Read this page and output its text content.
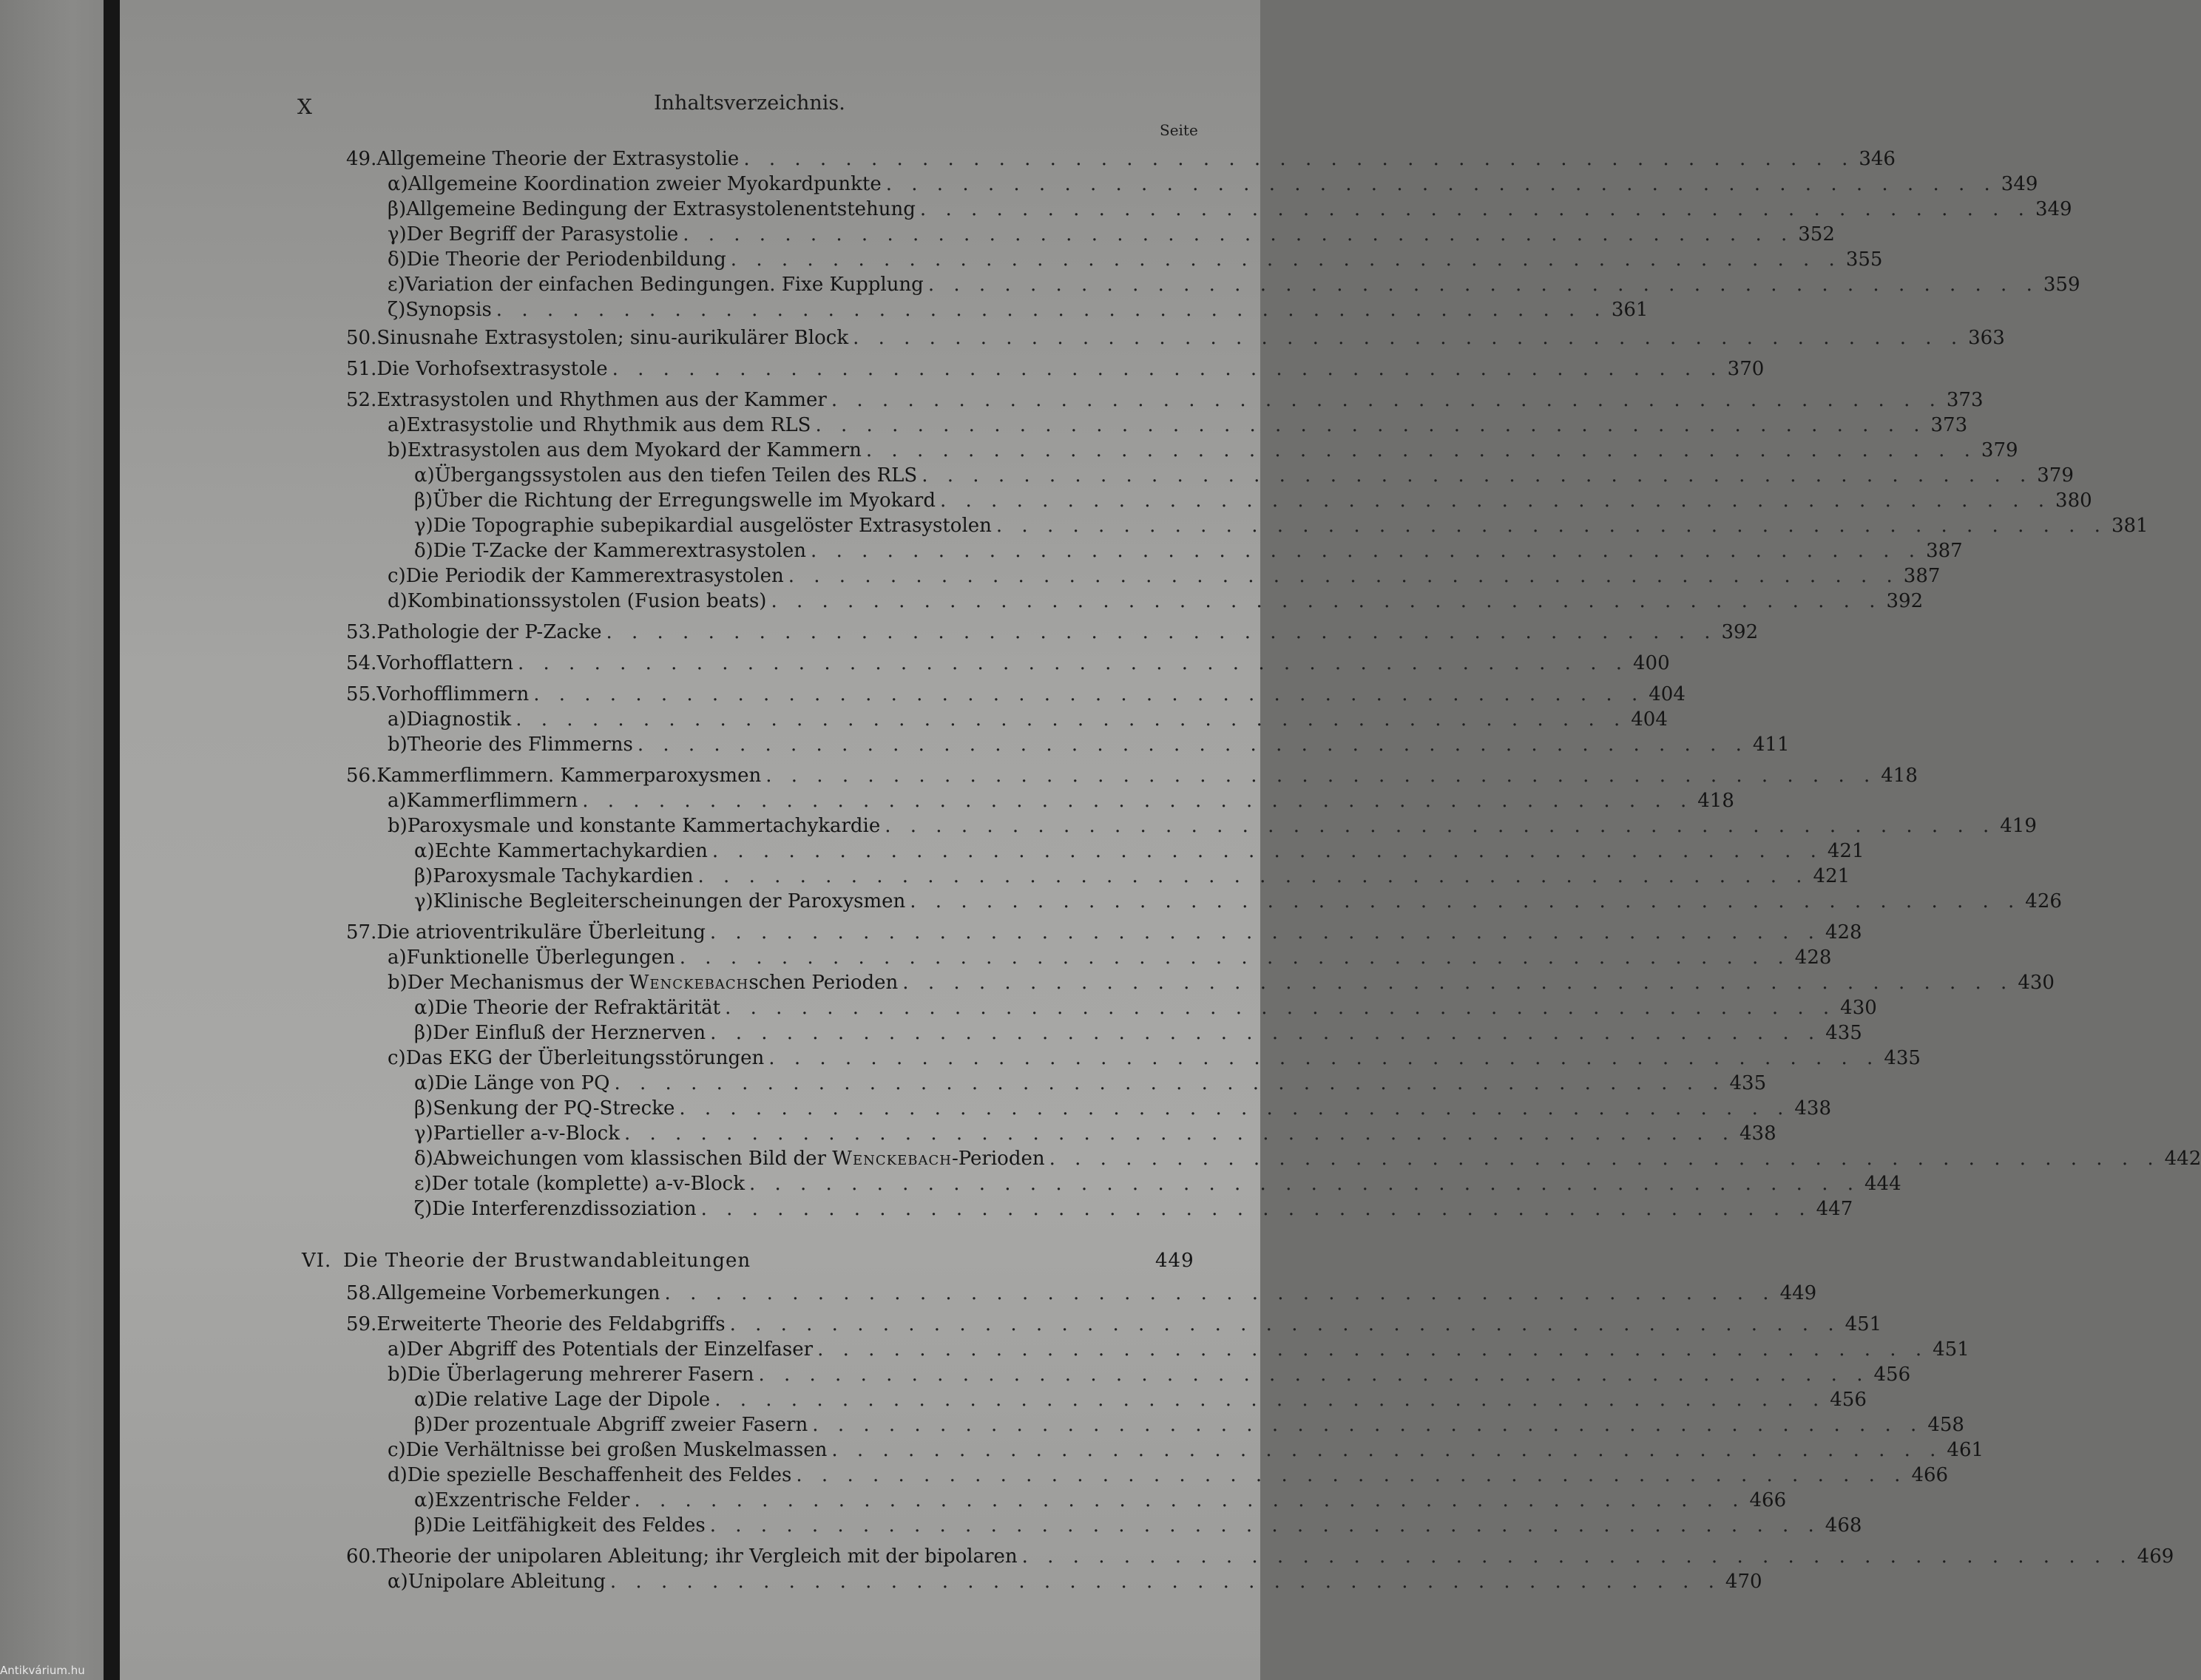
X	Inhaltsverzeichnis.
Seite
49. Allgemeine Theorie der Extrasystolie . . . . . . . . . . . . . . . . . . . . . . . . . . . . . . . . . . . . . . . . . . . . 346
α) Allgemeine Koordination zweier Myokardpunkte . . . . . . . . . . . . . . . . . . . . . . . . . . . . . . . . . . . . . . . . . . . . 349
β) Allgemeine Bedingung der Extrasystolenentstehung . . . . . . . . . . . . . . . . . . . . . . . . . . . . . . . . . . . . . . . . . . . . 349
γ) Der Begriff der Parasystolie . . . . . . . . . . . . . . . . . . . . . . . . . . . . . . . . . . . . . . . . . . . . 352
δ) Die Theorie der Periodenbildung . . . . . . . . . . . . . . . . . . . . . . . . . . . . . . . . . . . . . . . . . . . . 355
ε) Variation der einfachen Bedingungen. Fixe Kupplung . . . . . . . . . . . . . . . . . . . . . . . . . . . . . . . . . . . . . . . . . . . . 359
ζ) Synopsis . . . . . . . . . . . . . . . . . . . . . . . . . . . . . . . . . . . . . . . . . . . . 361
50. Sinusnahe Extrasystolen; sinu-aurikulärer Block . . . . . . . . . . . . . . . . . . . . . . . . . . . . . . . . . . . . . . . . . . . . 363
51. Die Vorhofsextrasystole . . . . . . . . . . . . . . . . . . . . . . . . . . . . . . . . . . . . . . . . . . . . 370
52. Extrasystolen und Rhythmen aus der Kammer . . . . . . . . . . . . . . . . . . . . . . . . . . . . . . . . . . . . . . . . . . . . 373
a) Extrasystolie und Rhythmik aus dem RLS . . . . . . . . . . . . . . . . . . . . . . . . . . . . . . . . . . . . . . . . . . . . 373
b) Extrasystolen aus dem Myokard der Kammern . . . . . . . . . . . . . . . . . . . . . . . . . . . . . . . . . . . . . . . . . . . . 379
α) Übergangssystolen aus den tiefen Teilen des RLS . . . . . . . . . . . . . . . . . . . . . . . . . . . . . . . . . . . . . . . . . . . . 379
β) Über die Richtung der Erregungswelle im Myokard . . . . . . . . . . . . . . . . . . . . . . . . . . . . . . . . . . . . . . . . . . . . 380
γ) Die Topographie subepikardial ausgelöster Extrasystolen . . . . . . . . . . . . . . . . . . . . . . . . . . . . . . . . . . . . . . . . . . . . 381
δ) Die T-Zacke der Kammerextrasystolen . . . . . . . . . . . . . . . . . . . . . . . . . . . . . . . . . . . . . . . . . . . . 387
c) Die Periodik der Kammerextrasystolen . . . . . . . . . . . . . . . . . . . . . . . . . . . . . . . . . . . . . . . . . . . . 387
d) Kombinationssystolen (Fusion beats) . . . . . . . . . . . . . . . . . . . . . . . . . . . . . . . . . . . . . . . . . . . . 392
53. Pathologie der P-Zacke . . . . . . . . . . . . . . . . . . . . . . . . . . . . . . . . . . . . . . . . . . . . 392
54. Vorhofflattern . . . . . . . . . . . . . . . . . . . . . . . . . . . . . . . . . . . . . . . . . . . . 400
55. Vorhofflimmern . . . . . . . . . . . . . . . . . . . . . . . . . . . . . . . . . . . . . . . . . . . . 404
a) Diagnostik . . . . . . . . . . . . . . . . . . . . . . . . . . . . . . . . . . . . . . . . . . . . 404
b) Theorie des Flimmerns . . . . . . . . . . . . . . . . . . . . . . . . . . . . . . . . . . . . . . . . . . . . 411
56. Kammerflimmern. Kammerparoxysmen . . . . . . . . . . . . . . . . . . . . . . . . . . . . . . . . . . . . . . . . . . . . 418
a) Kammerflimmern . . . . . . . . . . . . . . . . . . . . . . . . . . . . . . . . . . . . . . . . . . . . 418
b) Paroxysmale und konstante Kammertachykardie . . . . . . . . . . . . . . . . . . . . . . . . . . . . . . . . . . . . . . . . . . . . 419
α) Echte Kammertachykardien . . . . . . . . . . . . . . . . . . . . . . . . . . . . . . . . . . . . . . . . . . . . 421
β) Paroxysmale Tachykardien . . . . . . . . . . . . . . . . . . . . . . . . . . . . . . . . . . . . . . . . . . . . 421
γ) Klinische Begleiterscheinungen der Paroxysmen . . . . . . . . . . . . . . . . . . . . . . . . . . . . . . . . . . . . . . . . . . . . 426
57. Die atrioventrikuläre Überleitung . . . . . . . . . . . . . . . . . . . . . . . . . . . . . . . . . . . . . . . . . . . . 428
a) Funktionelle Überlegungen . . . . . . . . . . . . . . . . . . . . . . . . . . . . . . . . . . . . . . . . . . . . 428
b) Der Mechanismus der Wenckebachschen Perioden . . . . . . . . . . . . . . . . . . . . . . . . . . . . . . . . . . . . . . . . . . . . 430
α) Die Theorie der Refraktärität . . . . . . . . . . . . . . . . . . . . . . . . . . . . . . . . . . . . . . . . . . . . 430
β) Der Einfluß der Herznerven . . . . . . . . . . . . . . . . . . . . . . . . . . . . . . . . . . . . . . . . . . . . 435
c) Das EKG der Überleitungsstörungen . . . . . . . . . . . . . . . . . . . . . . . . . . . . . . . . . . . . . . . . . . . . 435
α) Die Länge von PQ . . . . . . . . . . . . . . . . . . . . . . . . . . . . . . . . . . . . . . . . . . . . 435
β) Senkung der PQ-Strecke . . . . . . . . . . . . . . . . . . . . . . . . . . . . . . . . . . . . . . . . . . . . 438
γ) Partieller a-v-Block . . . . . . . . . . . . . . . . . . . . . . . . . . . . . . . . . . . . . . . . . . . . 438
δ) Abweichungen vom klassischen Bild der Wenckebach-Perioden . . . . . . . . . . . . . . . . . . . . . . . . . . . . . . . . . . . . . . . . . . . . 442
ε) Der totale (komplette) a-v-Block . . . . . . . . . . . . . . . . . . . . . . . . . . . . . . . . . . . . . . . . . . . . 444
ζ) Die Interferenzdissoziation . . . . . . . . . . . . . . . . . . . . . . . . . . . . . . . . . . . . . . . . . . . . 447
VI. Die Theorie der Brustwandableitungen	449
58. Allgemeine Vorbemerkungen . . . . . . . . . . . . . . . . . . . . . . . . . . . . . . . . . . . . . . . . . . . . 449
59. Erweiterte Theorie des Feldabgriffs . . . . . . . . . . . . . . . . . . . . . . . . . . . . . . . . . . . . . . . . . . . . 451
a) Der Abgriff des Potentials der Einzelfaser . . . . . . . . . . . . . . . . . . . . . . . . . . . . . . . . . . . . . . . . . . . . 451
b) Die Überlagerung mehrerer Fasern . . . . . . . . . . . . . . . . . . . . . . . . . . . . . . . . . . . . . . . . . . . . 456
α) Die relative Lage der Dipole . . . . . . . . . . . . . . . . . . . . . . . . . . . . . . . . . . . . . . . . . . . . 456
β) Der prozentuale Abgriff zweier Fasern . . . . . . . . . . . . . . . . . . . . . . . . . . . . . . . . . . . . . . . . . . . . 458
c) Die Verhältnisse bei großen Muskelmassen . . . . . . . . . . . . . . . . . . . . . . . . . . . . . . . . . . . . . . . . . . . . 461
d) Die spezielle Beschaffenheit des Feldes . . . . . . . . . . . . . . . . . . . . . . . . . . . . . . . . . . . . . . . . . . . . 466
α) Exzentrische Felder . . . . . . . . . . . . . . . . . . . . . . . . . . . . . . . . . . . . . . . . . . . . 466
β) Die Leitfähigkeit des Feldes . . . . . . . . . . . . . . . . . . . . . . . . . . . . . . . . . . . . . . . . . . . . 468
60. Theorie der unipolaren Ableitung; ihr Vergleich mit der bipolaren . . . . . . . . . . . . . . . . . . . . . . . . . . . . . . . . . . . . . . . . . . . . 469
α) Unipolare Ableitung . . . . . . . . . . . . . . . . . . . . . . . . . . . . . . . . . . . . . . . . . . . . 470
Antikvárium.hu
